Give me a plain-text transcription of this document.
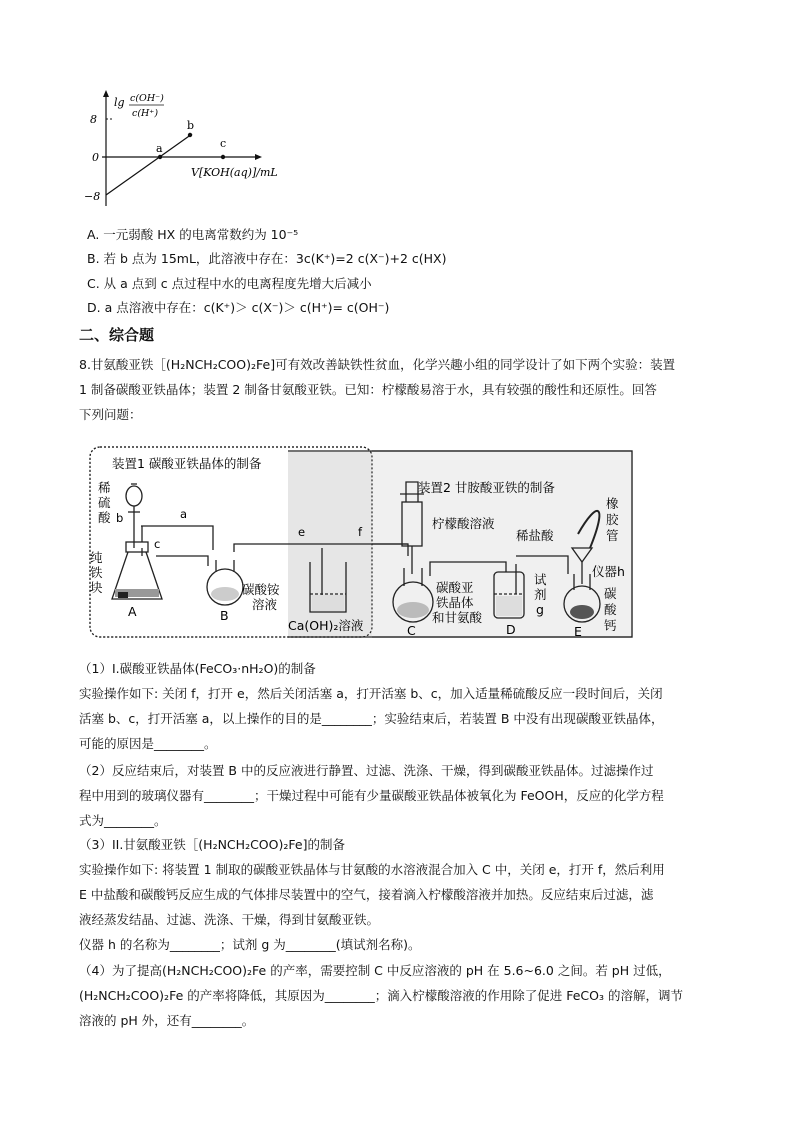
lg c(OH⁻)
c(H⁺)
8
0
−8
a
b
c
V[KOH(aq)]/mL
A. 一元弱酸 HX 的电离常数约为 10⁻⁵
B. 若 b 点为 15mL，此溶液中存在：3c(K⁺)=2 c(X⁻)+2 c(HX)
C. 从 a 点到 c 点过程中水的电离程度先增大后减小
D. a 点溶液中存在：c(K⁺)＞ c(X⁻)＞ c(H⁺)= c(OH⁻)
二、综合题
8.甘氨酸亚铁［(H₂NCH₂COO)₂Fe]可有效改善缺铁性贫血，化学兴趣小组的同学设计了如下两个实验：装置
1 制备碳酸亚铁晶体；装置 2 制备甘氨酸亚铁。已知：柠檬酸易溶于水，具有较强的酸性和还原性。回答
下列问题：
装置1 碳酸亚铁晶体的制备
装置2 甘胺酸亚铁的制备
稀
硫
酸
纯
铁
块	碳酸铵
溶液
Ca(OH)₂溶液
柠檬酸溶液
碳酸亚
铁晶体
和甘氨酸
试
剂
g
稀盐酸
橡
胶
管
仪器h
碳
酸
钙
A	B
C	D	E
a
b
c
e	f
（1）I.碳酸亚铁晶体(FeCO₃·nH₂O)的制备
实验操作如下: 关闭 f，打开 e，然后关闭活塞 a，打开活塞 b、c，加入适量稀硫酸反应一段时间后，关闭
活塞 b、c，打开活塞 a，以上操作的目的是________；实验结束后，若装置 B 中没有出现碳酸亚铁晶体，
可能的原因是________。
（2）反应结束后，对装置 B 中的反应液进行静置、过滤、洗涤、干燥，得到碳酸亚铁晶体。过滤操作过
程中用到的玻璃仪器有________；干燥过程中可能有少量碳酸亚铁晶体被氧化为 FeOOH，反应的化学方程
式为________。
（3）II.甘氨酸亚铁［(H₂NCH₂COO)₂Fe]的制备
实验操作如下: 将装置 1 制取的碳酸亚铁晶体与甘氨酸的水溶液混合加入 C 中，关闭 e，打开 f，然后利用
E 中盐酸和碳酸钙反应生成的气体排尽装置中的空气，接着滴入柠檬酸溶液并加热。反应结束后过滤，滤
液经蒸发结晶、过滤、洗涤、干燥，得到甘氨酸亚铁。
仪器 h 的名称为________；试剂 g 为________(填试剂名称)。
（4）为了提高(H₂NCH₂COO)₂Fe 的产率，需要控制 C 中反应溶液的 pH 在 5.6~6.0 之间。若 pH 过低，
(H₂NCH₂COO)₂Fe 的产率将降低，其原因为________；滴入柠檬酸溶液的作用除了促进 FeCO₃ 的溶解，调节
溶液的 pH 外，还有________。
